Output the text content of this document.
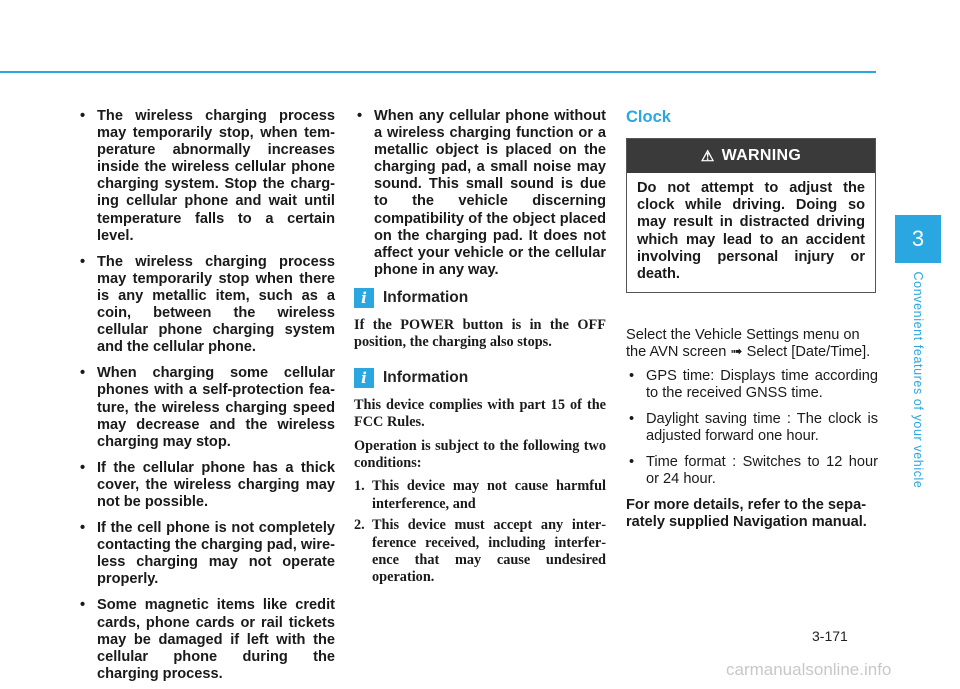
• The wireless charging process may temporarily stop, when temperature abnormally increases inside the wireless cellular phone charging system. Stop the charging cellular phone and wait until temperature falls to a certain level.
• The wireless charging process may temporarily stop when there is any metallic item, such as a coin, between the wireless cellular phone charging system and the cellular phone.
• When charging some cellular phones with a self-protection feature, the wireless charging speed may decrease and the wireless charging may stop.
• If the cellular phone has a thick cover, the wireless charging may not be possible.
• If the cell phone is not completely contacting the charging pad, wireless charging may not operate properly.
• Some magnetic items like credit cards, phone cards or rail tickets may be damaged if left with the cellular phone during the charging process.
• When any cellular phone without a wireless charging function or a metallic object is placed on the charging pad, a small noise may sound. This small sound is due to the vehicle discerning compatibility of the object placed on the charging pad. It does not affect your vehicle or the cellular phone in any way.
i	Information

If the POWER button is in the OFF position, the charging also stops.

i	Information

This device complies with part 15 of the FCC Rules.

Operation is subject to the following two conditions:

1. This device may not cause harmful interference, and
2. This device must accept any interference received, including interference that may cause undesired operation.
Clock
⚠ WARNING
Do not attempt to adjust the clock while driving. Doing so may result in distracted driving which may lead to an accident involving personal injury or death.

Select the Vehicle Settings menu on the AVN screen ➟ Select [Date/Time].

• GPS time: Displays time according to the received GNSS time.
• Daylight saving time : The clock is adjusted forward one hour.
• Time format : Switches to 12 hour or 24 hour.

For more details, refer to the separately supplied Navigation manual.

3
Convenient features of your vehicle
3-171
carmanualsonline.info
